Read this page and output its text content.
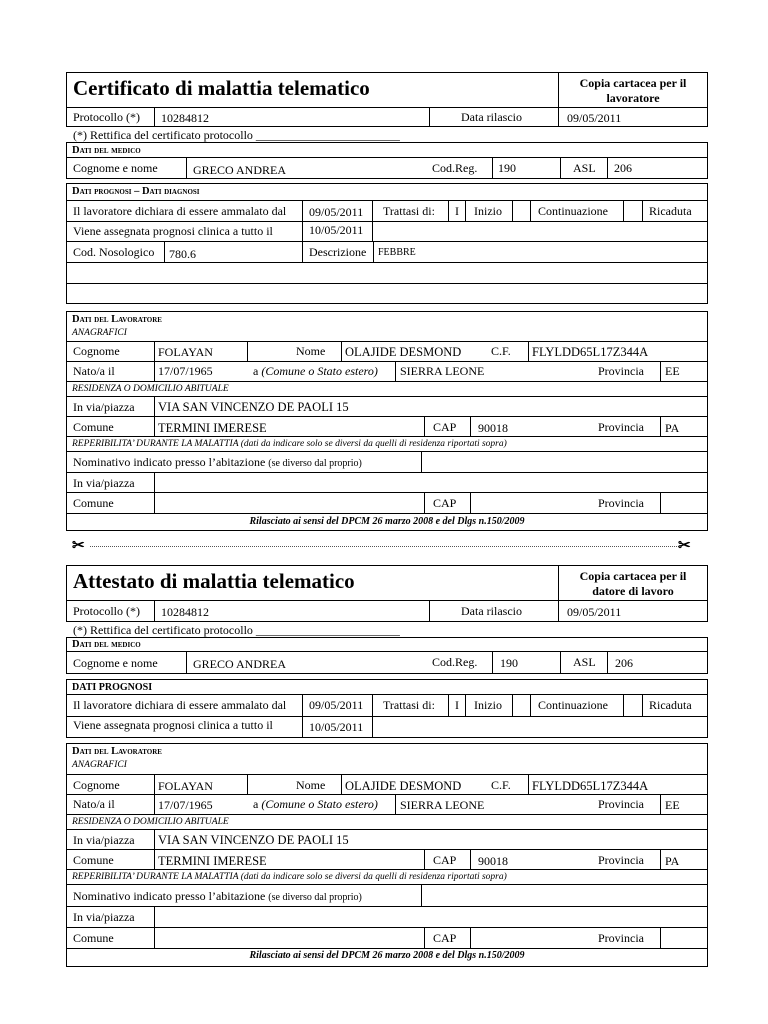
Certificato di malattia telematico	Copia cartacea per il lavoratore
Protocollo (*) 10284812	Data rilascio	09/05/2011
(*) Rettifica del certificato protocollo ________________________
Dati del medico
Cognome e nome	GRECO ANDREA	Cod.Reg. 190	ASL 206
Dati prognosi – Dati diagnosi
Il lavoratore dichiara di essere ammalato dal 09/05/2011 Trattasi di: I Inizio	Continuazione	Ricaduta
Viene assegnata prognosi clinica a tutto il	10/05/2011
Cod. Nosologico 780.6	Descrizione FEBBRE
Dati del Lavoratore
ANAGRAFICI
Cognome	FOLAYAN	Nome OLAJIDE DESMOND C.F. FLYLDD65L17Z344A
Nato/a il	17/07/1965	a (Comune o Stato estero) SIERRA LEONE	Provincia EE
RESIDENZA O DOMICILIO ABITUALE
In via/piazza VIA SAN VINCENZO DE PAOLI 15
Comune	TERMINI IMERESE	CAP 90018	Provincia PA
REPERIBILITA’ DURANTE LA MALATTIA (dati da indicare solo se diversi da quelli di residenza riportati sopra)
Nominativo indicato presso l’abitazione (se diverso dal proprio)
In via/piazza
Comune	CAP	Provincia
Rilasciato ai sensi del DPCM 26 marzo 2008 e del Dlgs n.150/2009
✂	✂
Attestato di malattia telematico	Copia cartacea per il datore di lavoro
Protocollo (*) 10284812	Data rilascio	09/05/2011
(*) Rettifica del certificato protocollo ________________________
Dati del medico
Cognome e nome	GRECO ANDREA	Cod.Reg. 190	ASL 206
DATI PROGNOSI
Il lavoratore dichiara di essere ammalato dal 09/05/2011 Trattasi di: I Inizio	Continuazione	Ricaduta
Viene assegnata prognosi clinica a tutto il	10/05/2011
Dati del Lavoratore
ANAGRAFICI
Cognome	FOLAYAN	Nome OLAJIDE DESMOND C.F. FLYLDD65L17Z344A
Nato/a il	17/07/1965	a (Comune o Stato estero) SIERRA LEONE	Provincia EE
RESIDENZA O DOMICILIO ABITUALE
In via/piazza VIA SAN VINCENZO DE PAOLI 15
Comune	TERMINI IMERESE	CAP 90018	Provincia PA
REPERIBILITA’ DURANTE LA MALATTIA (dati da indicare solo se diversi da quelli di residenza riportati sopra)
Nominativo indicato presso l’abitazione (se diverso dal proprio)
In via/piazza
Comune	CAP	Provincia
Rilasciato ai sensi del DPCM 26 marzo 2008 e del Dlgs n.150/2009
